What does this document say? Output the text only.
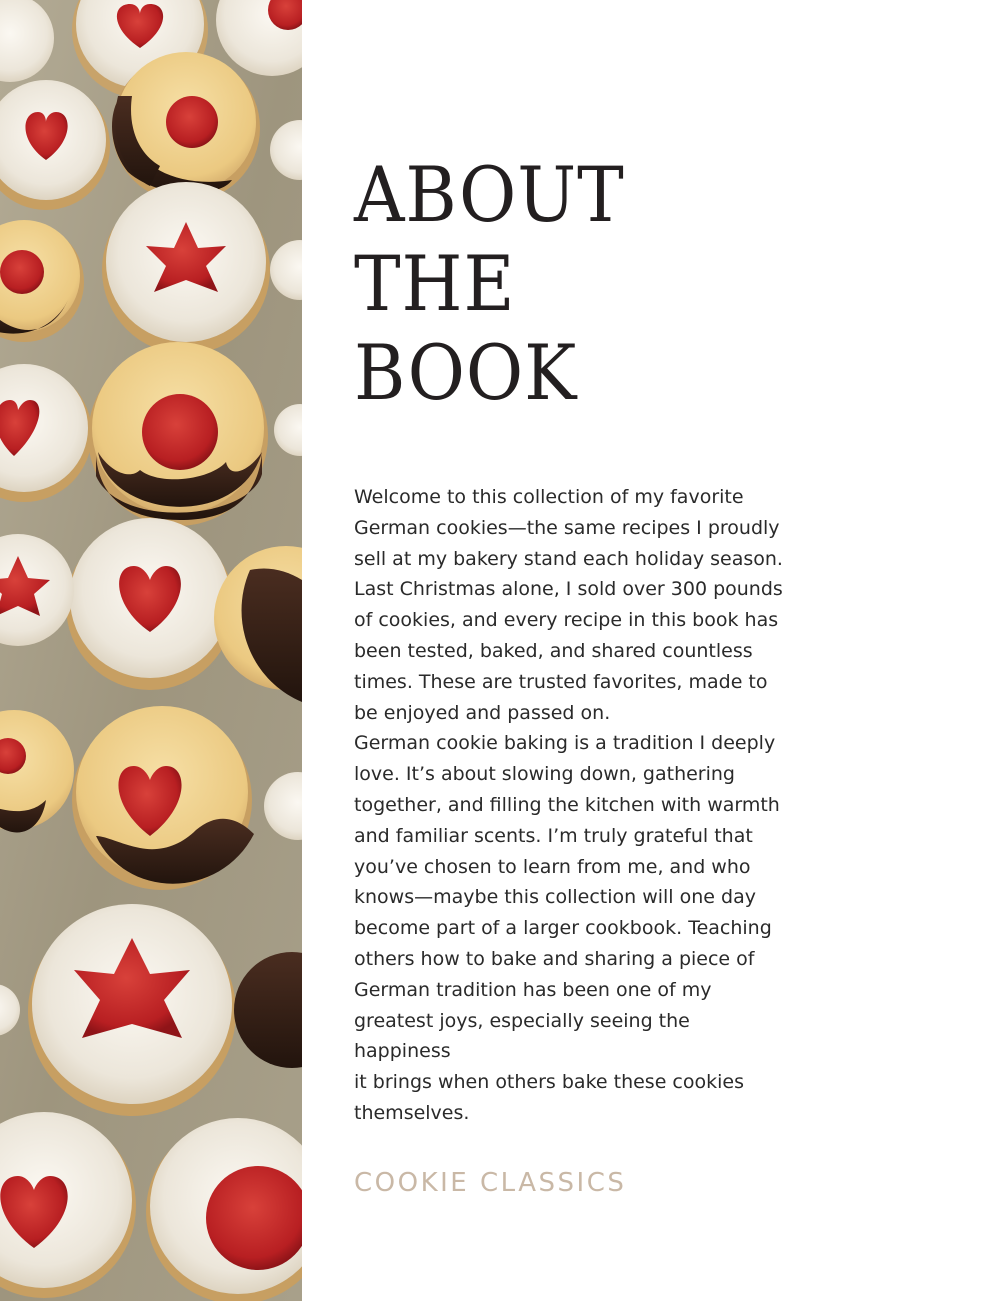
ABOUT
THE
BOOK

Welcome to this collection of my favorite
German cookies—the same recipes I proudly
sell at my bakery stand each holiday season.
Last Christmas alone, I sold over 300 pounds
of cookies, and every recipe in this book has
been tested, baked, and shared countless
times. These are trusted favorites, made to
be enjoyed and passed on.

German cookie baking is a tradition I deeply
love. It’s about slowing down, gathering
together, and filling the kitchen with warmth
and familiar scents. I’m truly grateful that
you’ve chosen to learn from me, and who
knows—maybe this collection will one day
become part of a larger cookbook. Teaching
others how to bake and sharing a piece of
German tradition has been one of my
greatest joys, especially seeing the happiness
it brings when others bake these cookies
themselves.

COOKIE CLASSICS
